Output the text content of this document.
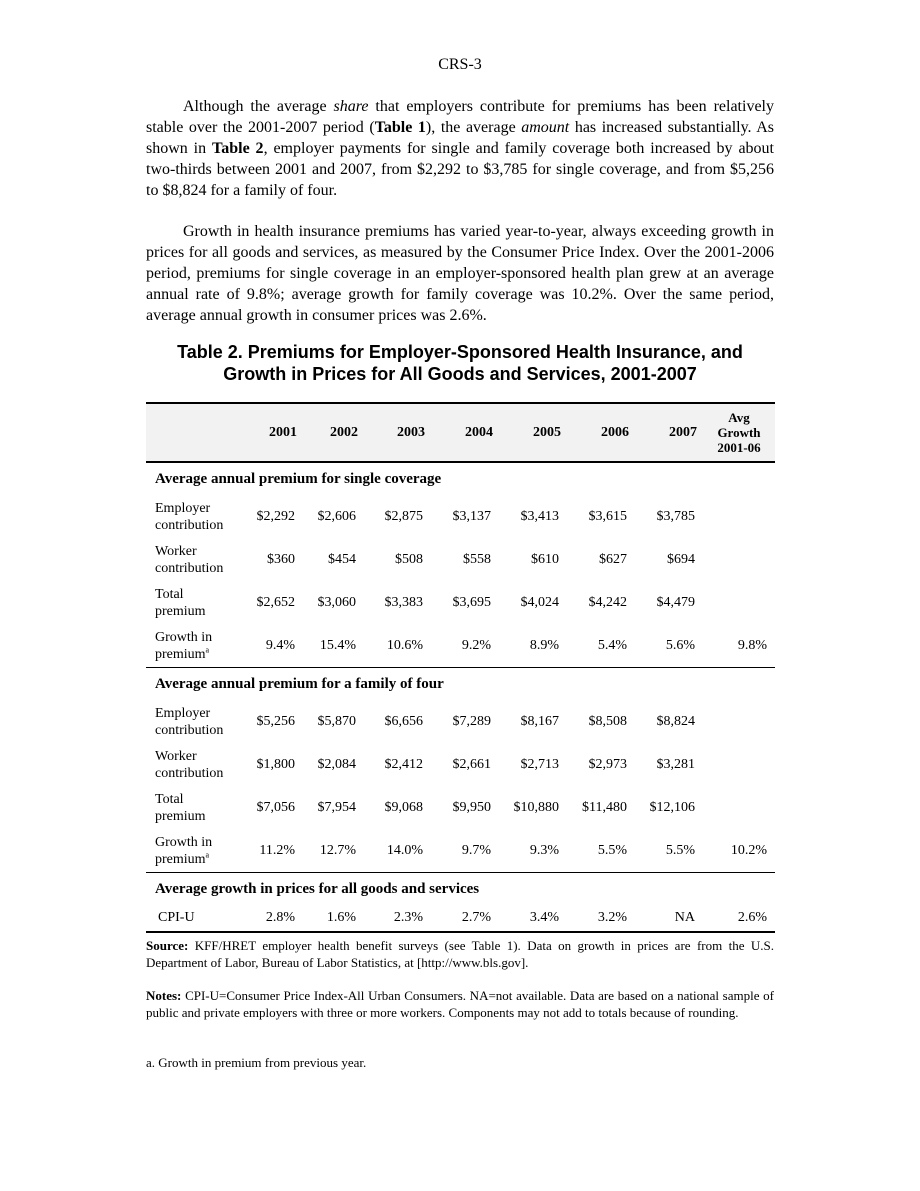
CRS-3

Although the average share that employers contribute for premiums has been relatively stable over the 2001-2007 period (Table 1), the average amount has increased substantially. As shown in Table 2, employer payments for single and family coverage both increased by about two-thirds between 2001 and 2007, from $2,292 to $3,785 for single coverage, and from $5,256 to $8,824 for a family of four.

Growth in health insurance premiums has varied year-to-year, always exceeding growth in prices for all goods and services, as measured by the Consumer Price Index. Over the 2001-2006 period, premiums for single coverage in an employer-sponsored health plan grew at an average annual rate of 9.8%; average growth for family coverage was 10.2%. Over the same period, average annual growth in consumer prices was 2.6%.

Table 2. Premiums for Employer-Sponsored Health Insurance, and
Growth in Prices for All Goods and Services, 2001-2007
	2001	2002	2003	2004	2005	2006	2007	Avg
Growth
2001-06

Average annual premium for single coverage								

Employer
contribution	$2,292	$2,606	$2,875	$3,137	$3,413	$3,615	$3,785	

Worker
contribution	$360	$454	$508	$558	$610	$627	$694	

Total
premium	$2,652	$3,060	$3,383	$3,695	$4,024	$4,242	$4,479	

Growth in
premium$^a$	9.4%	15.4%	10.6%	9.2%	8.9%	5.4%	5.6%	9.8%
Average annual premium for a family of four								

Employer
contribution	$5,256	$5,870	$6,656	$7,289	$8,167	$8,508	$8,824	

Worker
contribution	$1,800	$2,084	$2,412	$2,661	$2,713	$2,973	$3,281	

Total
premium	$7,056	$7,954	$9,068	$9,950	$10,880	$11,480	$12,106	

Growth in
premium$^a$	11.2%	12.7%	14.0%	9.7%	9.3%	5.5%	5.5%	10.2%
Average growth in prices for all goods and services								
CPI-U	2.8%	1.6%	2.3%	2.7%	3.4%	3.2%	NA	2.6%

Source: KFF/HRET employer health benefit surveys (see Table 1). Data on growth in prices are from the U.S. Department of Labor, Bureau of Labor Statistics, at [http://www.bls.gov].

Notes: CPI-U=Consumer Price Index-All Urban Consumers. NA=not available. Data are based on a national sample of public and private employers with three or more workers. Components may not add to totals because of rounding.

a. Growth in premium from previous year.
